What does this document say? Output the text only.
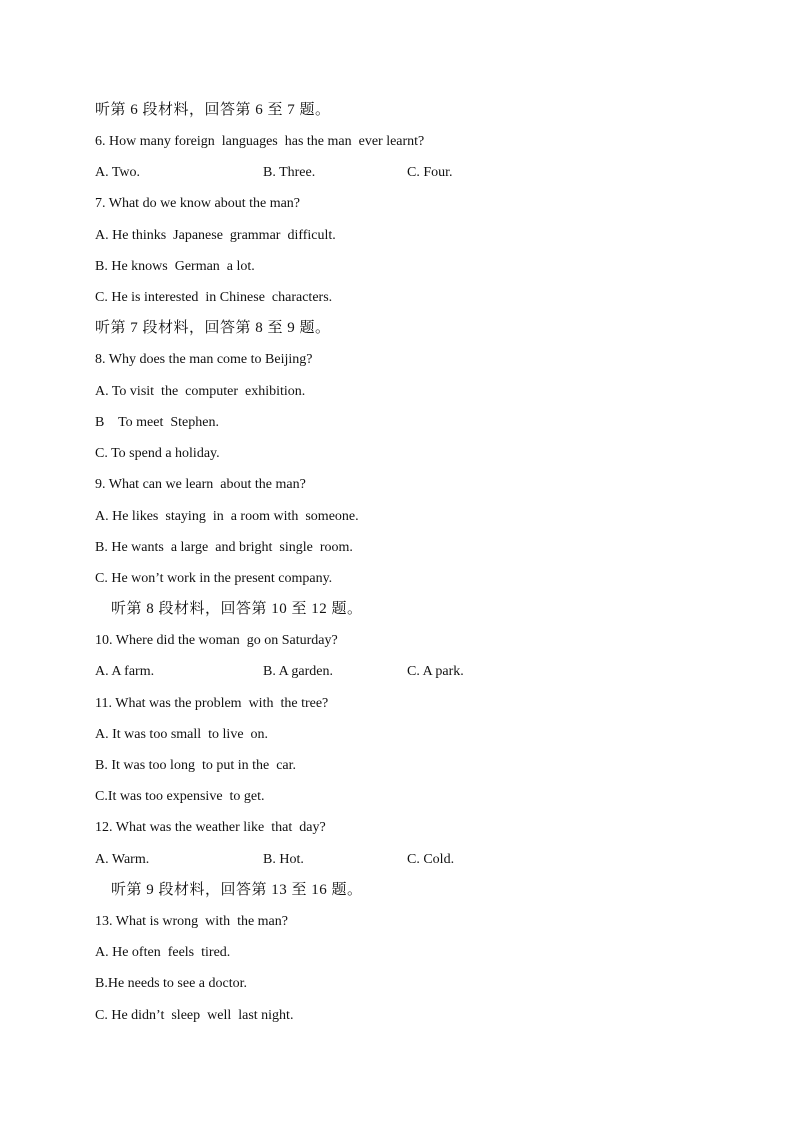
听第 6 段材料，回答第 6 至 7 题。
6. How many foreign  languages  has the man  ever learnt?
A. Two.	B. Three.	C. Four.
7. What do we know about the man?
A. He thinks  Japanese  grammar  difficult.
B. He knows  German  a lot.
C. He is interested  in Chinese  characters.
听第 7 段材料，回答第 8 至 9 题。
8. Why does the man come to Beijing?
A. To visit  the  computer  exhibition.
B    To meet  Stephen.
C. To spend a holiday.
9. What can we learn  about the man?
A. He likes  staying  in  a room with  someone.
B. He wants  a large  and bright  single  room.
C. He won’t work in the present company.
听第 8 段材料，回答第 10 至 12 题。
10. Where did the woman  go on Saturday?
A. A farm.	B. A garden.	C. A park.
11. What was the problem  with  the tree?
A. It was too small  to live  on.
B. It was too long  to put in the  car.
C.It was too expensive  to get.
12. What was the weather like  that  day?
A. Warm.	B. Hot.	C. Cold.
听第 9 段材料，回答第 13 至 16 题。
13. What is wrong  with  the man?
A. He often  feels  tired.
B.He needs to see a doctor.
C. He didn’t  sleep  well  last night.
